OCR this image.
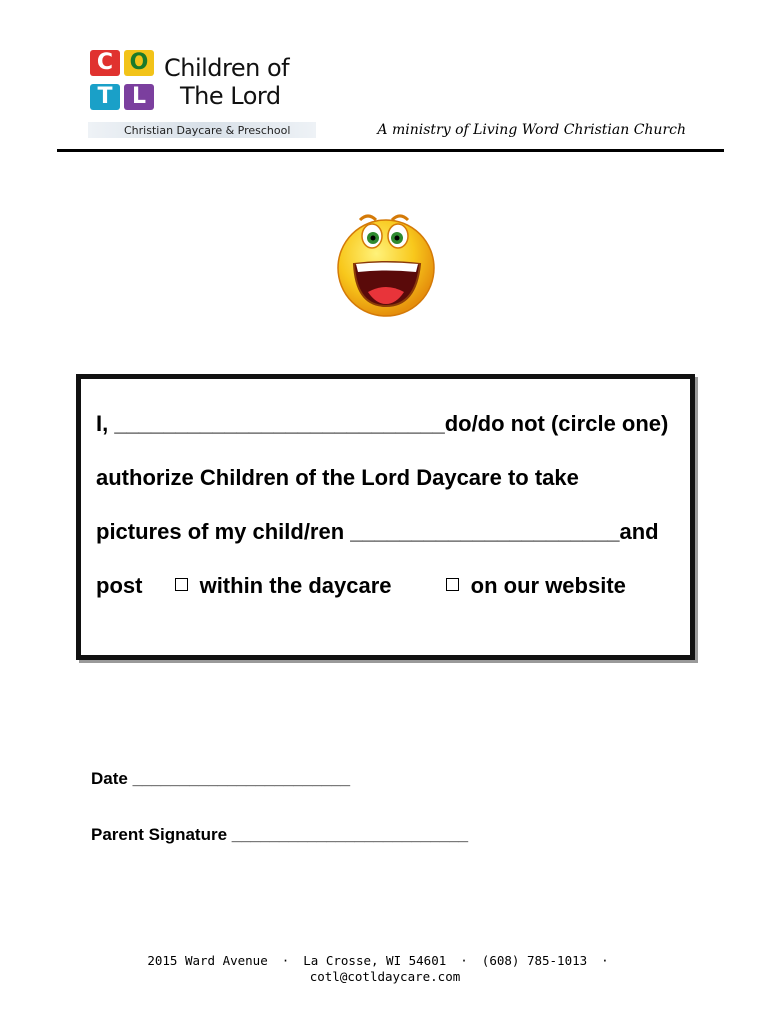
C O
T L
Children of
The Lord
Christian Daycare & Preschool	A ministry of Living Word Christian Church
I, ___________________________do/do not (circle one)
authorize Children of the Lord Daycare to take
pictures of my child/ren ______________________and
post	within the daycare	on our website
Date _______________________
Parent Signature _________________________
2015 Ward Avenue · La Crosse, WI 54601 · (608) 785-1013 ·
cotl@cotldaycare.com
